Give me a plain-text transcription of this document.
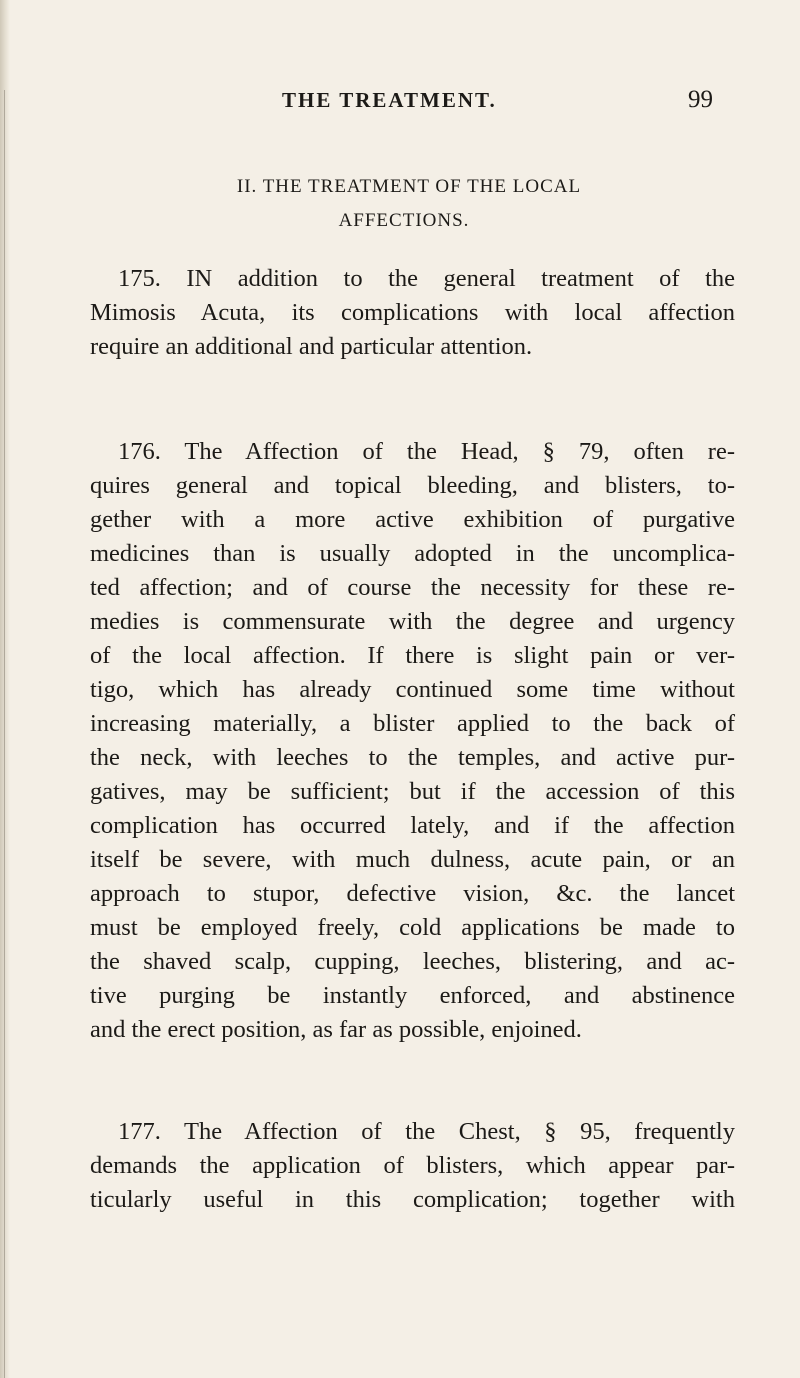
THE TREATMENT.	99
II. THE TREATMENT OF THE LOCAL
AFFECTIONS.
175. IN addition to the general treatment of the
Mimosis Acuta, its complications with local affection
require an additional and particular attention.
176. The Affection of the Head, § 79, often re-
quires general and topical bleeding, and blisters, to-
gether with a more active exhibition of purgative
medicines than is usually adopted in the uncomplica-
ted affection; and of course the necessity for these re-
medies is commensurate with the degree and urgency
of the local affection. If there is slight pain or ver-
tigo, which has already continued some time without
increasing materially, a blister applied to the back of
the neck, with leeches to the temples, and active pur-
gatives, may be sufficient; but if the accession of this
complication has occurred lately, and if the affection
itself be severe, with much dulness, acute pain, or an
approach to stupor, defective vision, &c. the lancet
must be employed freely, cold applications be made to
the shaved scalp, cupping, leeches, blistering, and ac-
tive purging be instantly enforced, and abstinence
and the erect position, as far as possible, enjoined.
177. The Affection of the Chest, § 95, frequently
demands the application of blisters, which appear par-
ticularly useful in this complication; together with
